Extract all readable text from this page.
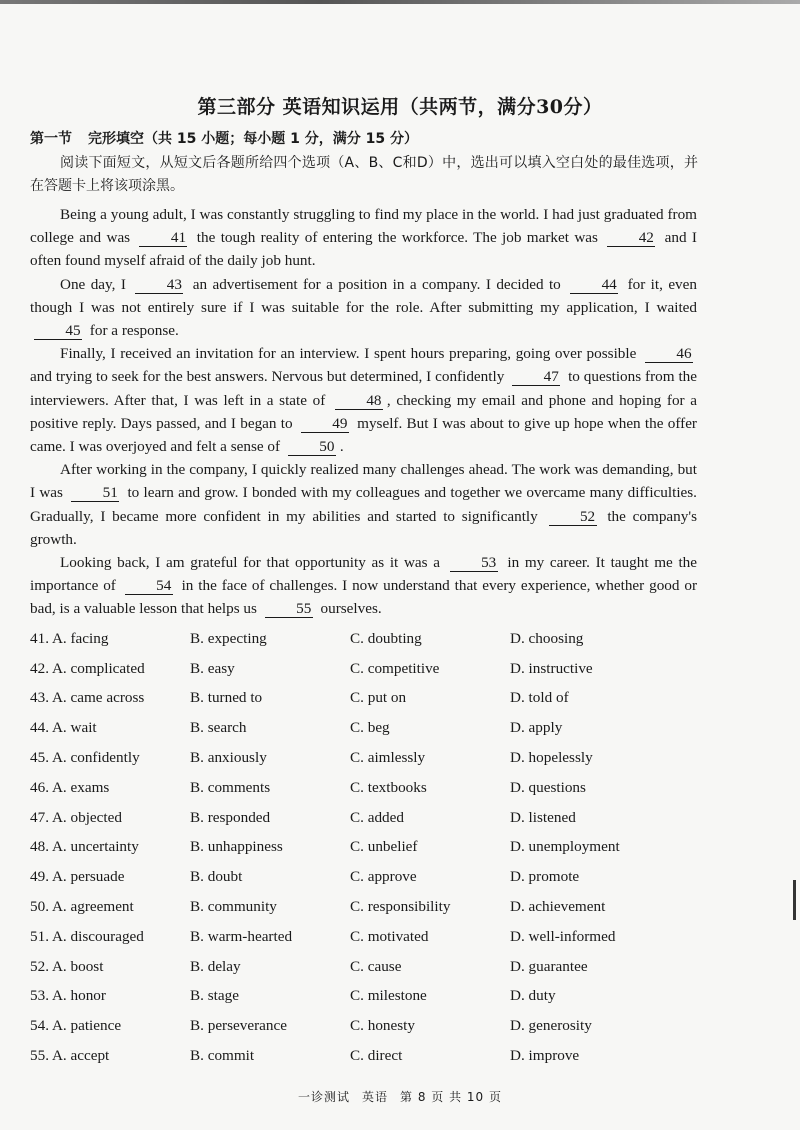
第三部分 英语知识运用（共两节，满分30分）
第一节 完形填空（共 15 小题；每小题 1 分，满分 15 分）
阅读下面短文，从短文后各题所给四个选项（A、B、C和D）中，选出可以填入空白处的最佳选项，并在答题卡上将该项涂黑。

Being a young adult, I was constantly struggling to find my place in the world. I had just graduated from college and was 41 the tough reality of entering the workforce. The job market was 42 and I often found myself afraid of the daily job hunt.

One day, I 43 an advertisement for a position in a company. I decided to 44 for it, even though I was not entirely sure if I was suitable for the role. After submitting my application, I waited 45 for a response.

Finally, I received an invitation for an interview. I spent hours preparing, going over possible 46 and trying to seek for the best answers. Nervous but determined, I confidently 47 to questions from the interviewers. After that, I was left in a state of 48 , checking my email and phone and hoping for a positive reply. Days passed, and I began to 49 myself. But I was about to give up hope when the offer came. I was overjoyed and felt a sense of 50 .

After working in the company, I quickly realized many challenges ahead. The work was demanding, but I was 51 to learn and grow. I bonded with my colleagues and together we overcame many difficulties. Gradually, I became more confident in my abilities and started to significantly 52 the company's growth.

Looking back, I am grateful for that opportunity as it was a 53 in my career. It taught me the importance of 54 in the face of challenges. I now understand that every experience, whether good or bad, is a valuable lesson that helps us 55 ourselves.

41. A. facing	B. expecting	C. doubting	D. choosing
42. A. complicated	B. easy	C. competitive	D. instructive
43. A. came across	B. turned to	C. put on	D. told of
44. A. wait	B. search	C. beg	D. apply
45. A. confidently	B. anxiously	C. aimlessly	D. hopelessly
46. A. exams	B. comments	C. textbooks	D. questions
47. A. objected	B. responded	C. added	D. listened
48. A. uncertainty	B. unhappiness	C. unbelief	D. unemployment
49. A. persuade	B. doubt	C. approve	D. promote
50. A. agreement	B. community	C. responsibility	D. achievement
51. A. discouraged	B. warm-hearted	C. motivated	D. well-informed
52. A. boost	B. delay	C. cause	D. guarantee
53. A. honor	B. stage	C. milestone	D. duty
54. A. patience	B. perseverance	C. honesty	D. generosity
55. A. accept	B. commit	C. direct	D. improve
一诊测试 英语 第 8 页 共 10 页
